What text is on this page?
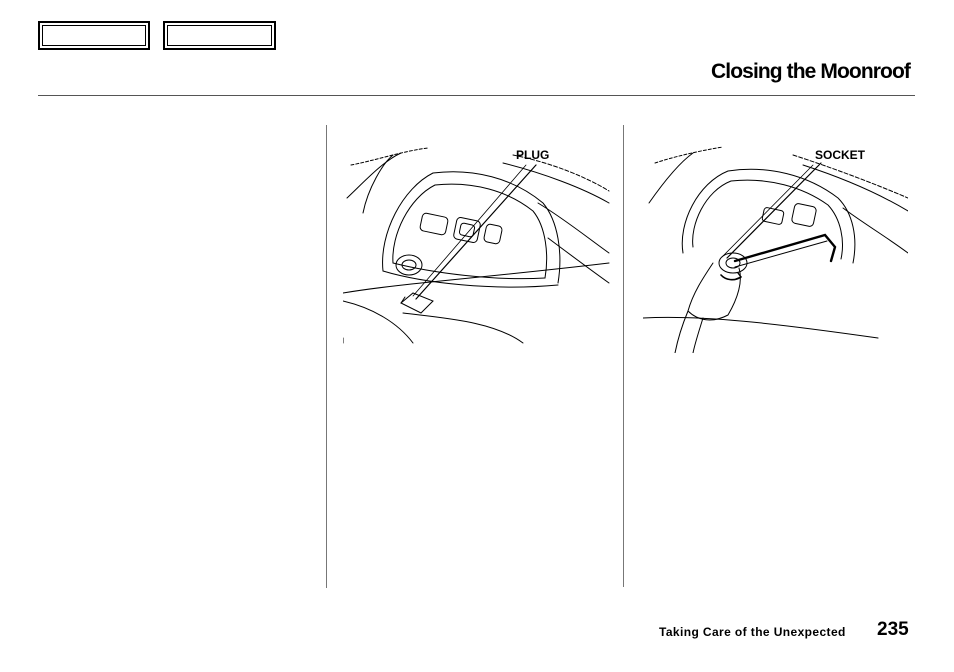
Closing the Moonroof
PLUG	SOCKET
Taking Care of the Unexpected 235
